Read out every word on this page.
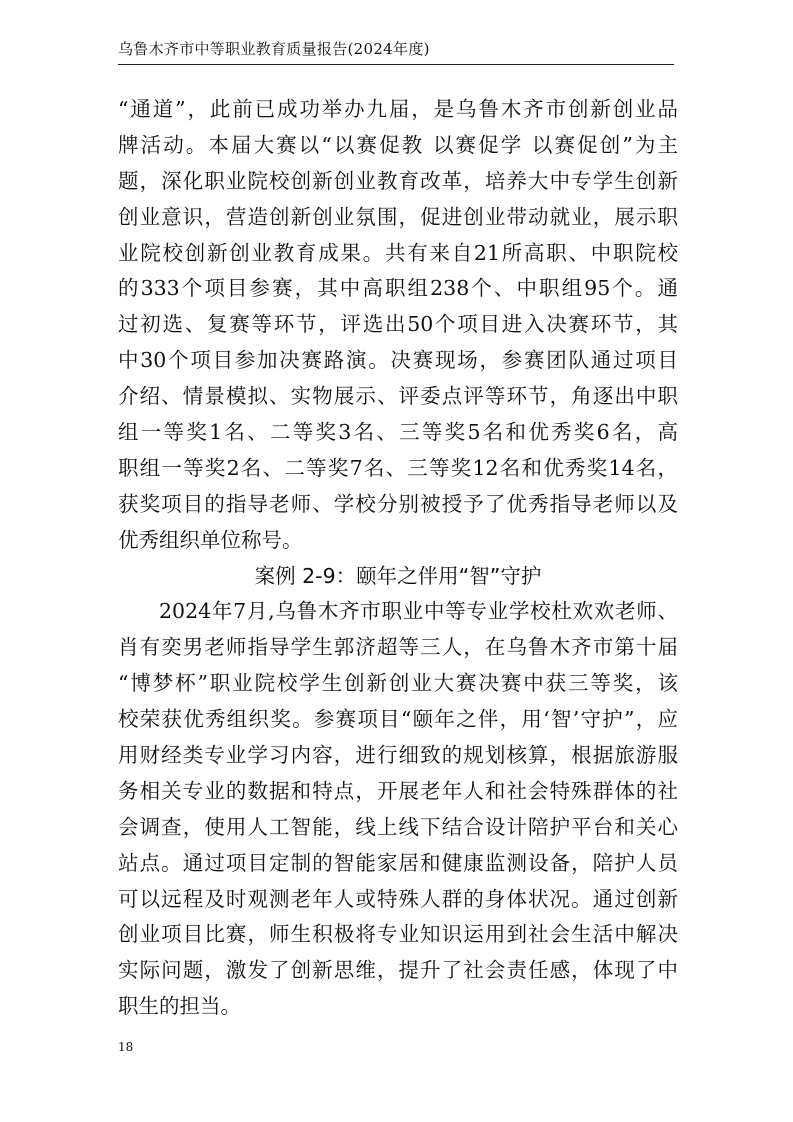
乌鲁木齐市中等职业教育质量报告(2024年度)
“通道”，此前已成功举办九届，是乌鲁木齐市创新创业品
牌活动。本届大赛以“以赛促教 以赛促学 以赛促创”为主
题，深化职业院校创新创业教育改革，培养大中专学生创新
创业意识，营造创新创业氛围，促进创业带动就业，展示职
业院校创新创业教育成果。共有来自21所高职、中职院校
的333个项目参赛，其中高职组238个、中职组95个。通
过初选、复赛等环节，评选出50个项目进入决赛环节，其
中30个项目参加决赛路演。决赛现场，参赛团队通过项目
介绍、情景模拟、实物展示、评委点评等环节，角逐出中职
组一等奖1名、二等奖3名、三等奖5名和优秀奖6名，高
职组一等奖2名、二等奖7名、三等奖12名和优秀奖14名，
获奖项目的指导老师、学校分别被授予了优秀指导老师以及
优秀组织单位称号。
案例 2-9：颐年之伴用“智”守护
2024年7月,乌鲁木齐市职业中等专业学校杜欢欢老师、
肖有奕男老师指导学生郭济超等三人，在乌鲁木齐市第十届
“博梦杯”职业院校学生创新创业大赛决赛中获三等奖，该
校荣获优秀组织奖。参赛项目“颐年之伴，用‘智’守护”，应
用财经类专业学习内容，进行细致的规划核算，根据旅游服
务相关专业的数据和特点，开展老年人和社会特殊群体的社
会调查，使用人工智能，线上线下结合设计陪护平台和关心
站点。通过项目定制的智能家居和健康监测设备，陪护人员
可以远程及时观测老年人或特殊人群的身体状况。通过创新
创业项目比赛，师生积极将专业知识运用到社会生活中解决
实际问题，激发了创新思维，提升了社会责任感，体现了中
职生的担当。
18
